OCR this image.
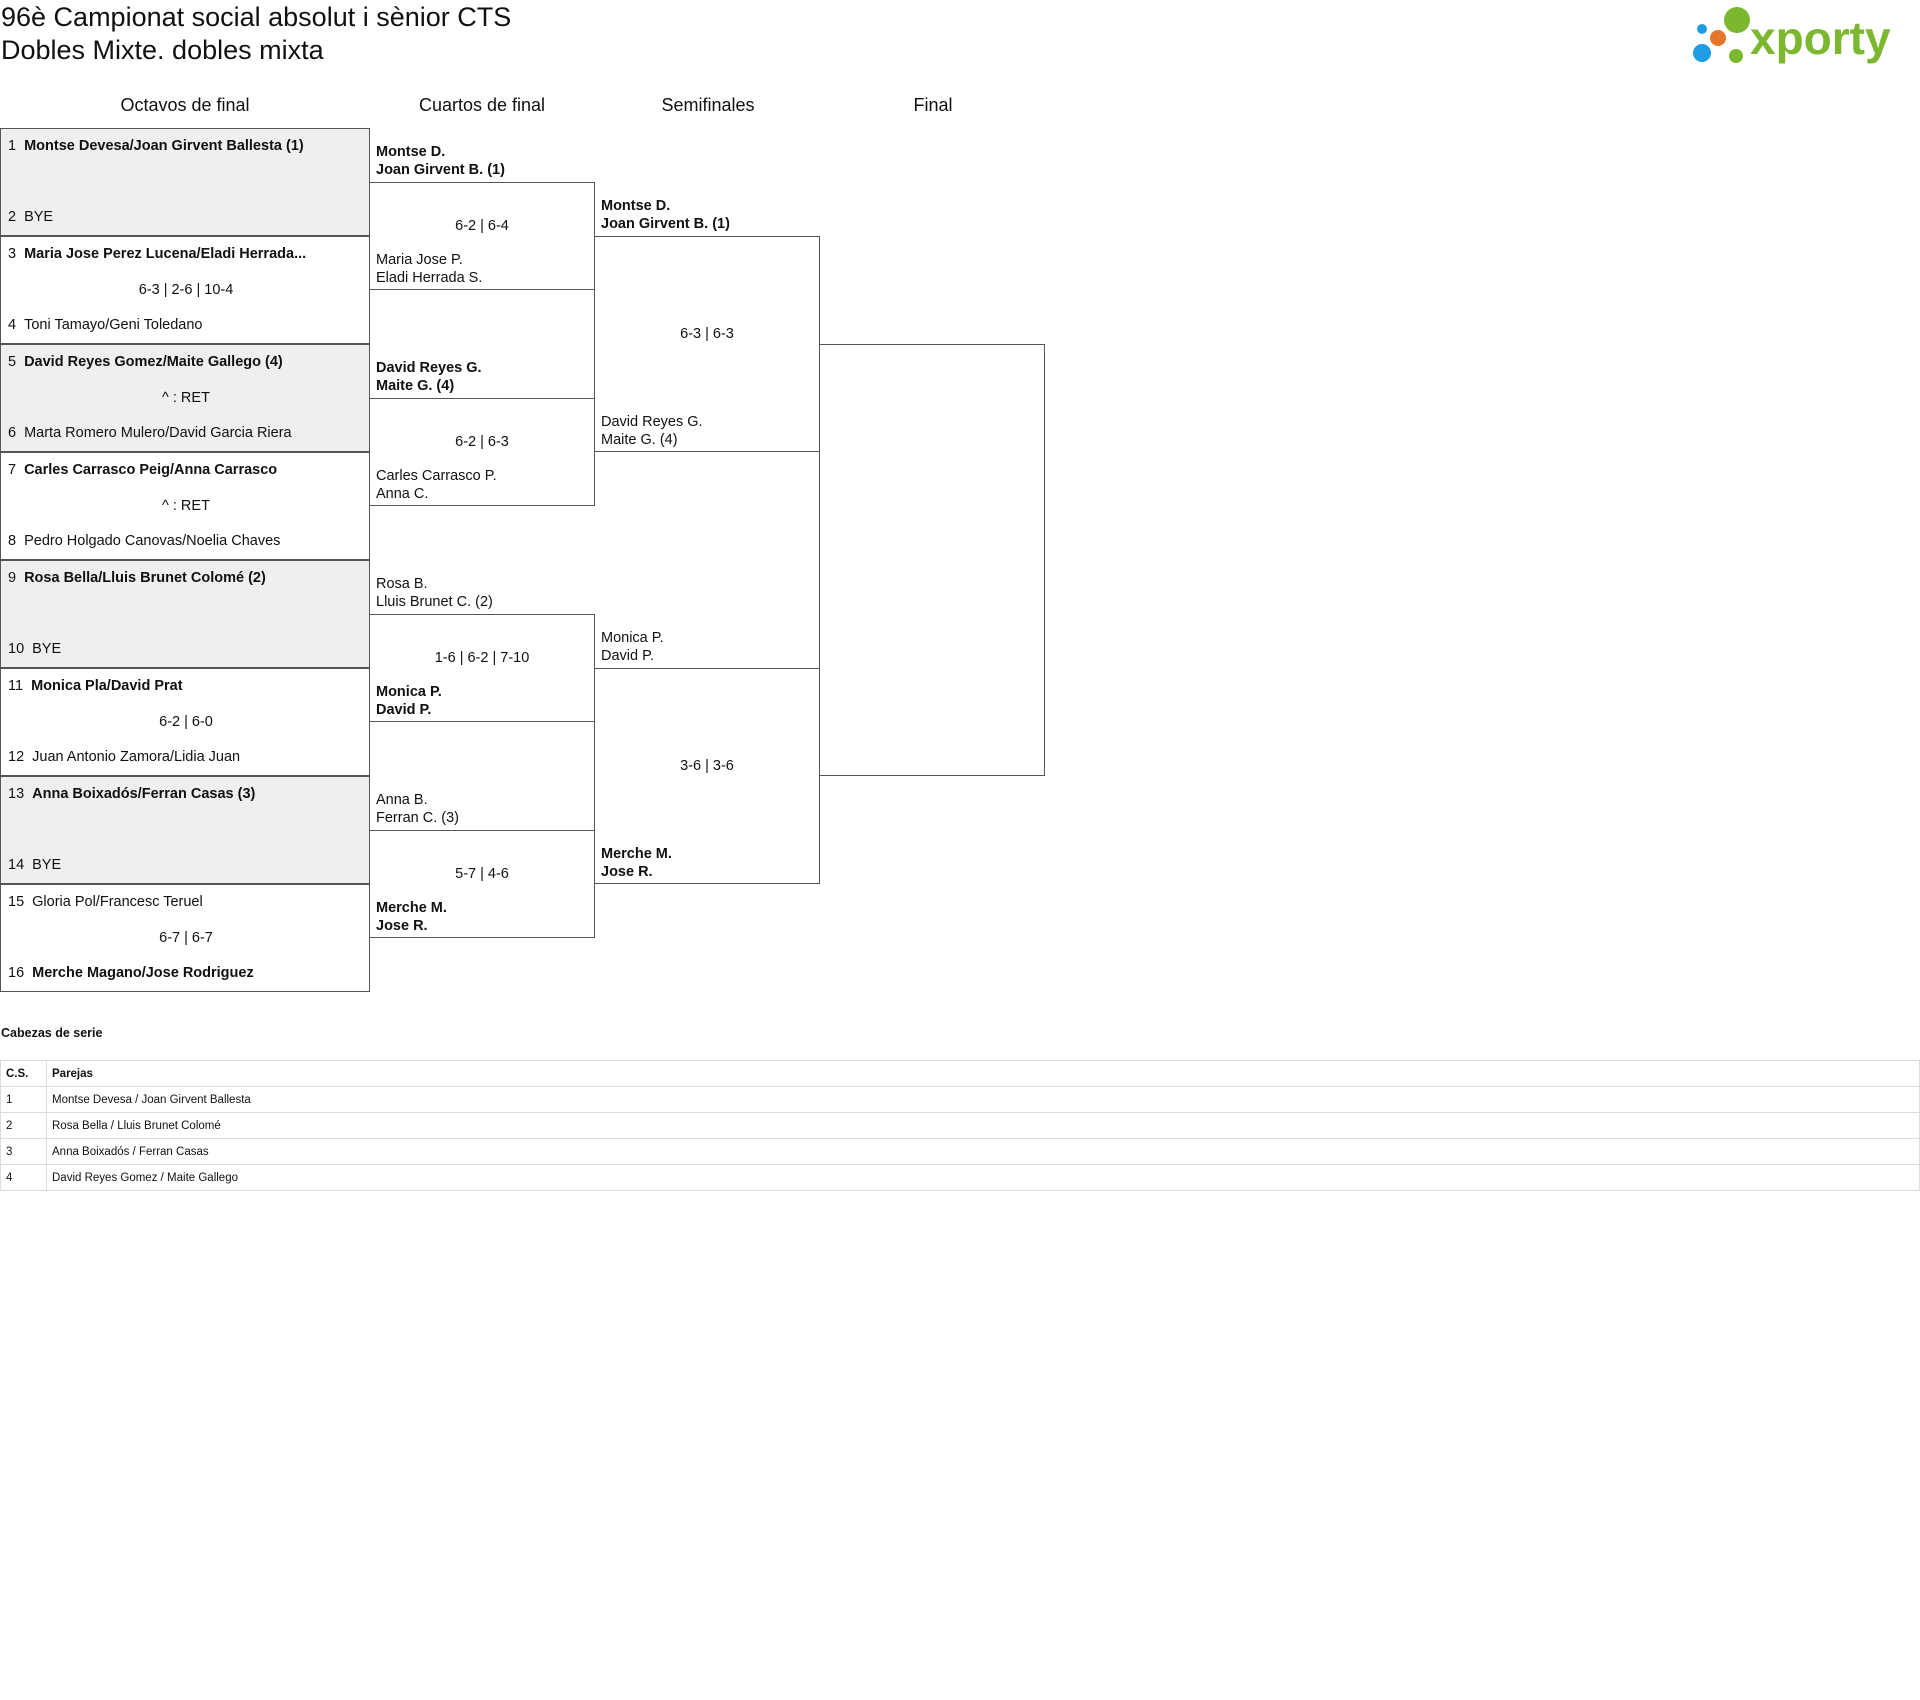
96è Campionat social absolut i sènior CTS
Dobles Mixte. dobles mixta	xporty
Octavos de final	Cuartos de final	Semifinales	Final
1 Montse Devesa/Joan Girvent Ballesta (1)
2 BYE
3 Maria Jose Perez Lucena/Eladi Herrada...
4 Toni Tamayo/Geni Toledano
6-3 | 2-6 | 10-4
5 David Reyes Gomez/Maite Gallego (4)
6 Marta Romero Mulero/David Garcia Riera
^ : RET
7 Carles Carrasco Peig/Anna Carrasco
8 Pedro Holgado Canovas/Noelia Chaves
^ : RET
9 Rosa Bella/Lluis Brunet Colomé (2)
10 BYE
11 Monica Pla/David Prat
12 Juan Antonio Zamora/Lidia Juan
6-2 | 6-0
13 Anna Boixadós/Ferran Casas (3)
14 BYE
15 Gloria Pol/Francesc Teruel
16 Merche Magano/Jose Rodriguez
6-7 | 6-7
Montse D.
Joan Girvent B. (1)
Maria Jose P.
Eladi Herrada S.
6-2 | 6-4
David Reyes G.
Maite G. (4)
Carles Carrasco P.
Anna C.
6-2 | 6-3
Rosa B.
Lluis Brunet C. (2)
Monica P.
David P.
1-6 | 6-2 | 7-10
Anna B.
Ferran C. (3)
Merche M.
Jose R.
5-7 | 4-6
Montse D.
Joan Girvent B. (1)
David Reyes G.
Maite G. (4)
6-3 | 6-3
Monica P.
David P.
Merche M.
Jose R.
3-6 | 3-6
Cabezas de serie
C.S.	Parejas
1	Montse Devesa / Joan Girvent Ballesta
2	Rosa Bella / Lluis Brunet Colomé
3	Anna Boixadós / Ferran Casas
4	David Reyes Gomez / Maite Gallego
